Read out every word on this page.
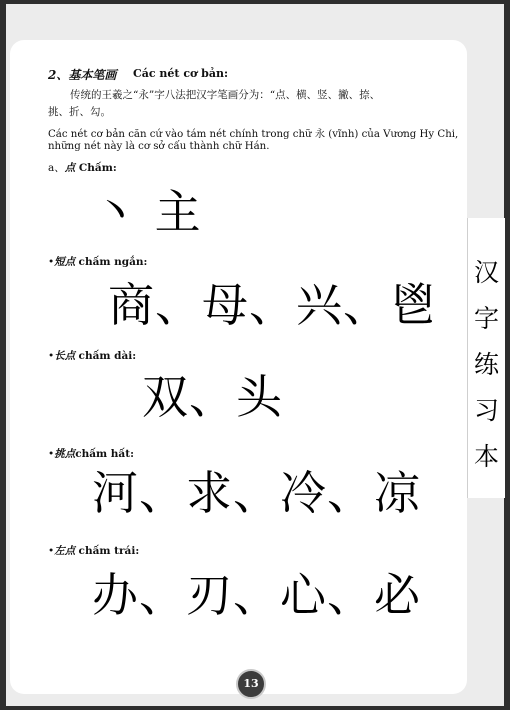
汉
字
练
习
本
2、基本笔画 Các nét cơ bản:
传统的王羲之“永”字八法把汉字笔画分为：“点、横、竖、撇、捺、
挑、折、勾。
Các nét cơ bản căn cứ vào tám nét chính trong chữ 永 (vĩnh) của Vương Hy Chi,
những nét này là cơ sở cấu thành chữ Hán.
a、点 Chấm:
丶 主
•短点 chấm ngắn:
商、母、兴、鬯
•长点 chấm dài:
双、头
•挑点chấm hất:
河、求、冷、凉
•左点 chấm trái:
办、刃、心、必
13
